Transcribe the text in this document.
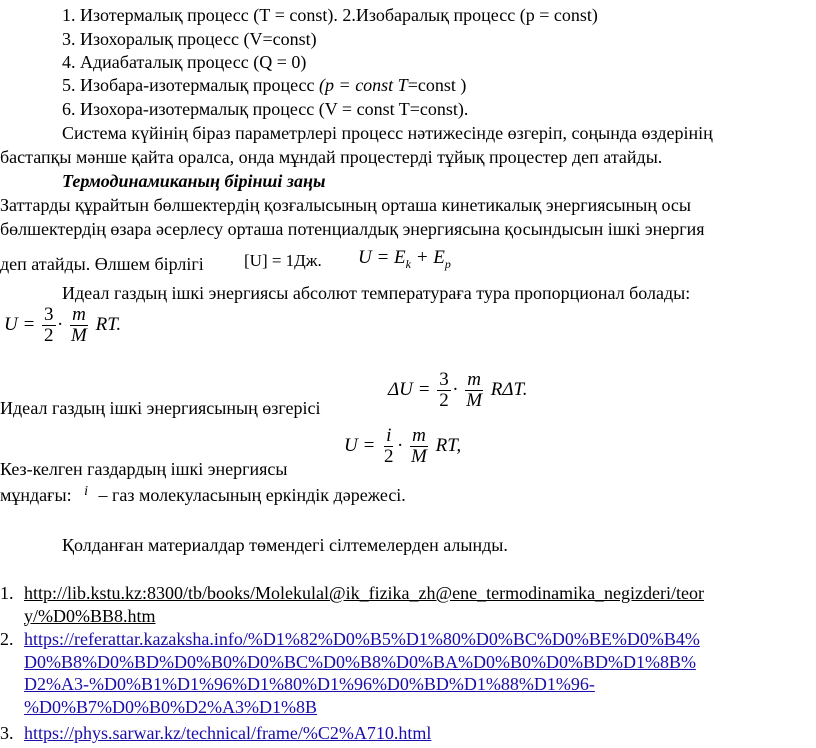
1. Изотермалық процесс (Т = conѕt). 2.Изобаралық процесс (р = conѕt)
3. Изохоралық процесс (V=conѕt)
4. Адиабаталық процесс (Q = 0)
5. Изобара-изотермалық процесс (р = const T=conѕt )
6. Изохора-изотермалық процесс (V = conѕt T=conѕt).
Система күйінің біраз параметрлері процесс нәтижесінде өзгеріп, соңында өздерінің
бастапқы мәнше қайта оралса, онда мұндай процестерді тұйық процестер деп атайды.
Термодинамиканың бірінші заңы
Заттарды құрайтын бөлшектердің қозғалысының орташа кинетикалық энергиясының осы
бөлшектердің өзара әсерлесу орташа потенциалдық энергиясына қосындысын ішкі энергия
деп атайды. Өлшем бірлігі [U] = 1Дж. $U = E_k + E_p$
Идеал газдың ішкі энергиясы абсолют температураға тура пропорционал болады:
$U = \frac{3}{2} \cdot \frac{m}{M}$ RT.
$\Delta U = \frac{3}{2} \cdot \frac{m}{M} R\Delta T$.
Идеал газдың ішкі энергиясының өзгерісі
$U = \frac{i}{2} \cdot \frac{m}{M}$ RT,
Кез-келген газдардың ішкі энергиясы
мұндағы: $^i$ – газ молекуласының еркіндік дәрежесі.
Қолданған материалдар төмендегі сілтемелерден алынды.
1. http://lib.kstu.kz:8300/tb/books/Molekulal@ik_fizika_zh@ene_termodinamika_negizderi/teor
y/%D0%BB8.htm
2. https://referattar.kazaksha.info/%D1%82%D0%B5%D1%80%D0%BC%D0%BE%D0%B4%
D0%B8%D0%BD%D0%B0%D0%BC%D0%B8%D0%BA%D0%B0%D0%BD%D1%8B%
D2%A3-%D0%B1%D1%96%D1%80%D1%96%D0%BD%D1%88%D1%96-
%D0%B7%D0%B0%D2%A3%D1%8B
3. https://phys.sarwar.kz/technical/frame/%C2%A710.html
